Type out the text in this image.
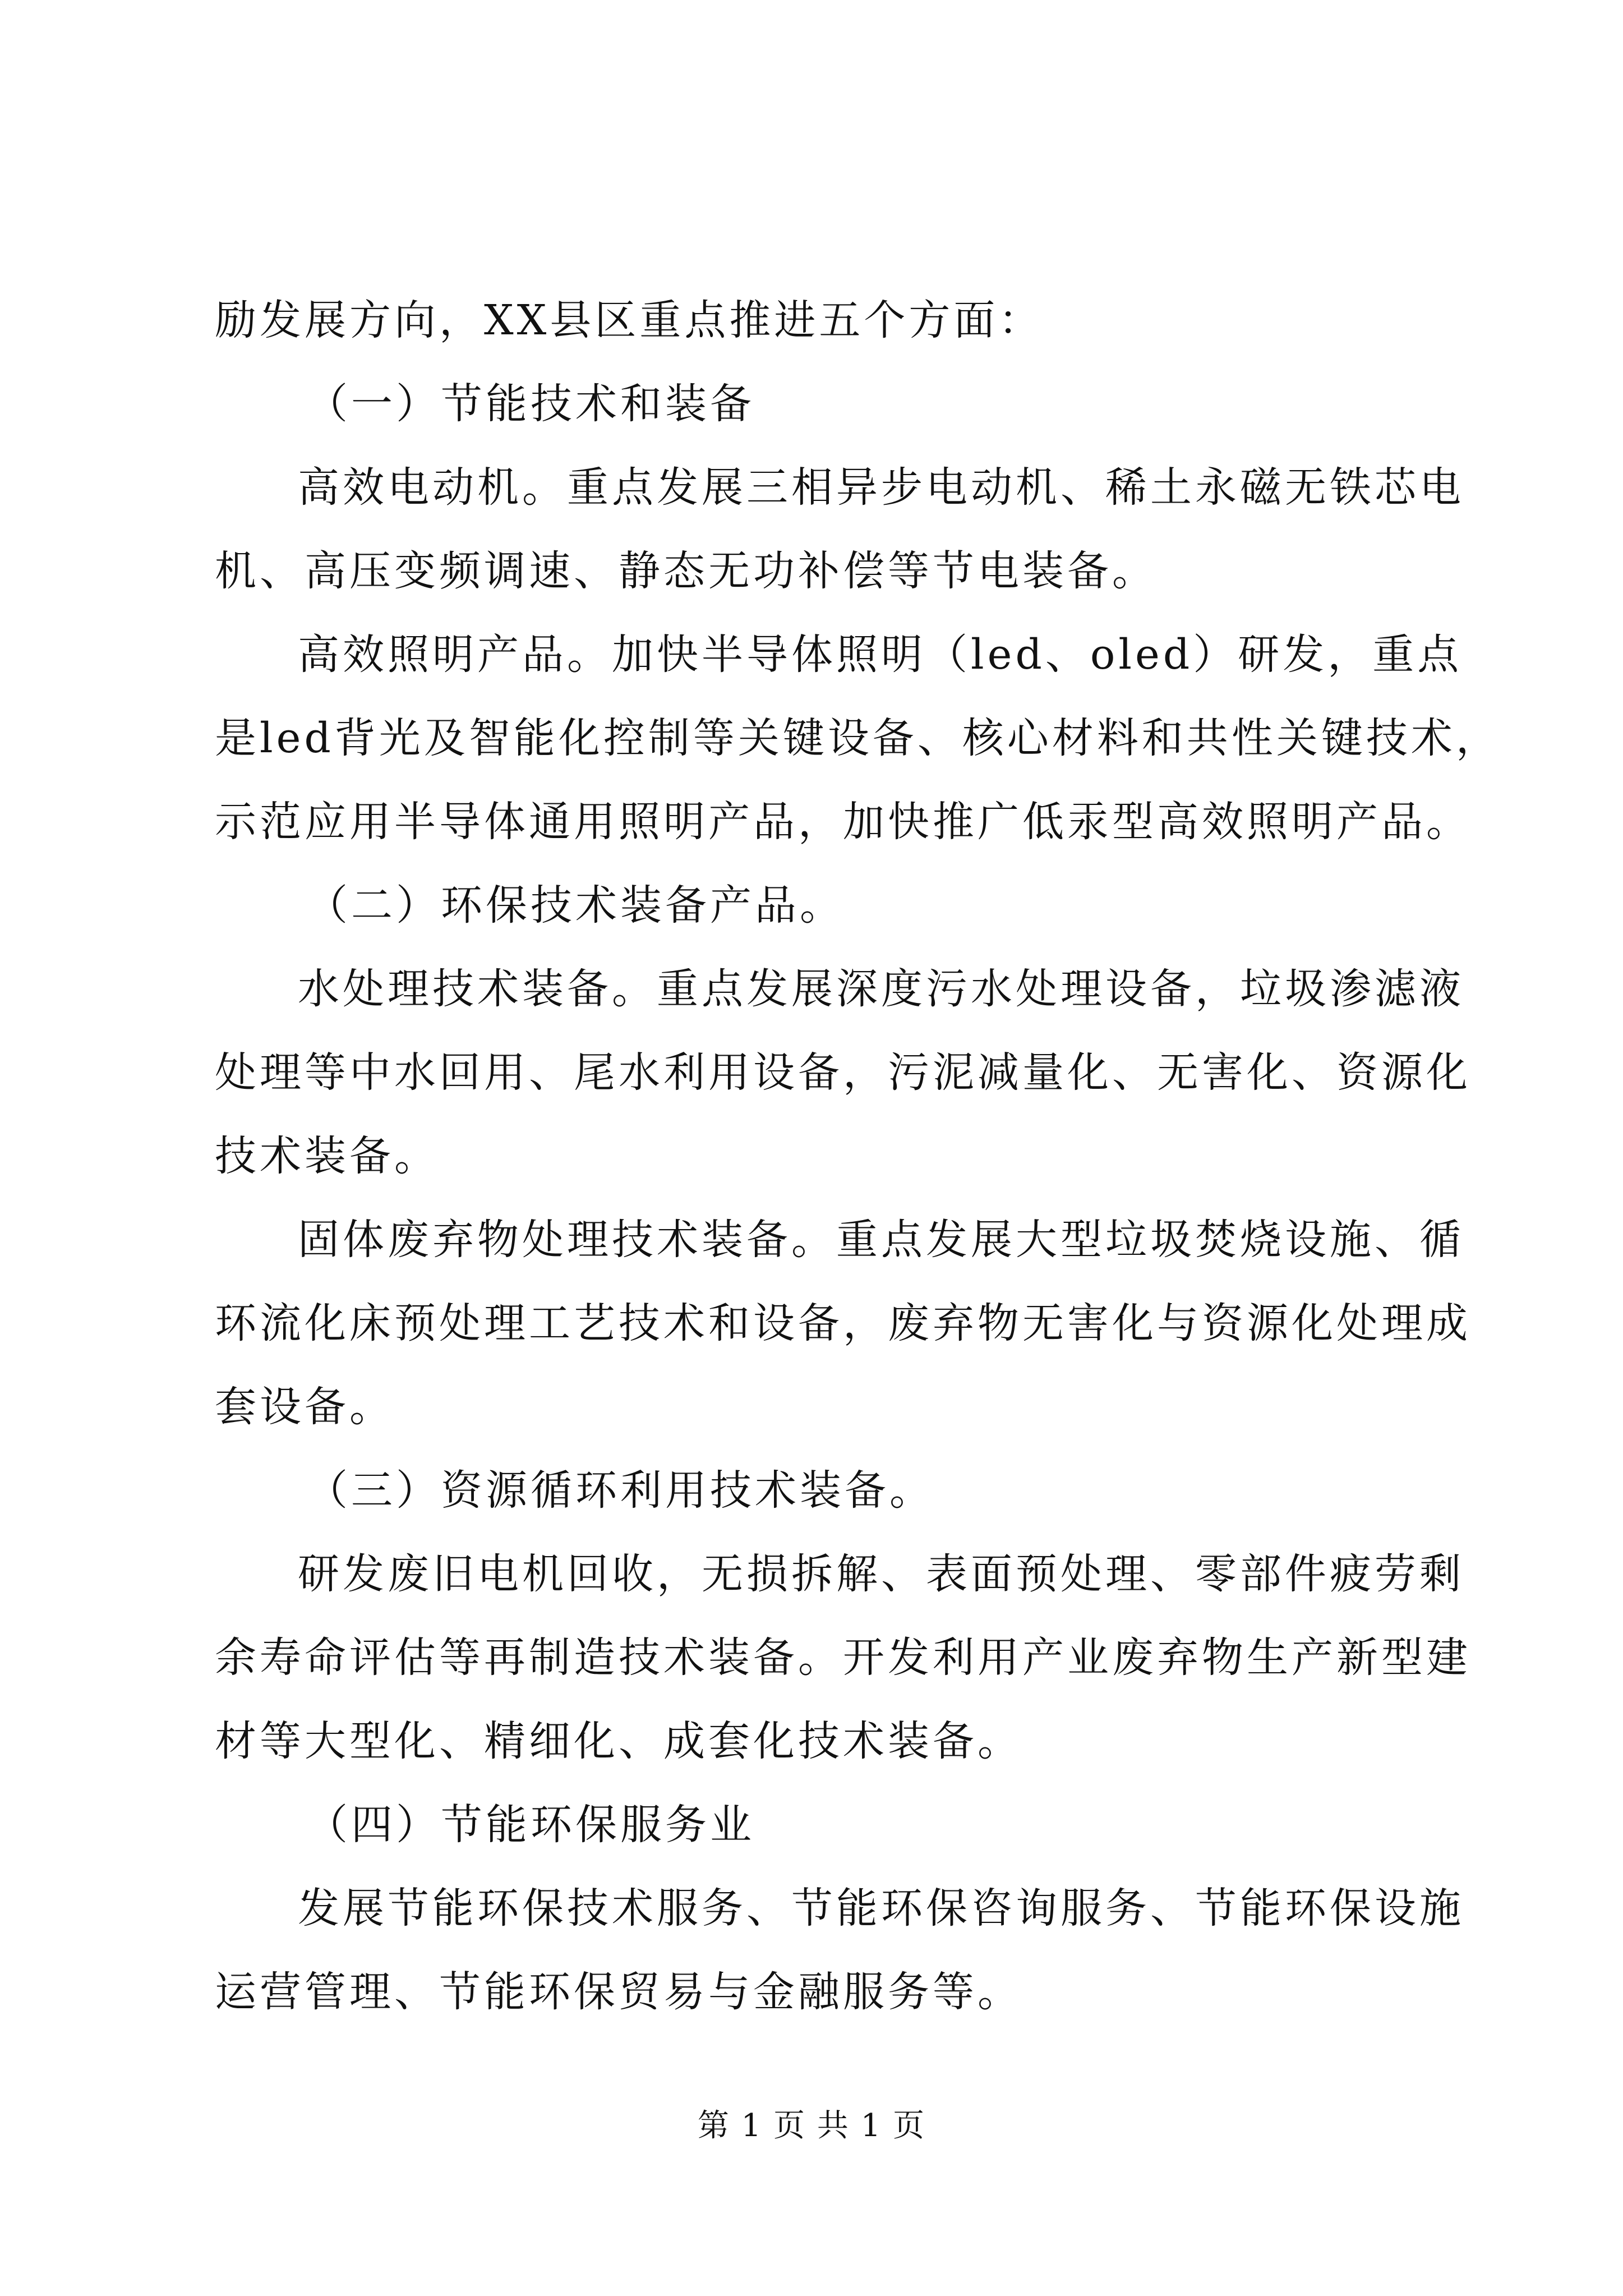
励发展方向，XX县区重点推进五个方面：
（一）节能技术和装备
高效电动机。重点发展三相异步电动机、稀土永磁无铁芯电
机、高压变频调速、静态无功补偿等节电装备。
高效照明产品。加快半导体照明（led、oled）研发，重点
是led背光及智能化控制等关键设备、核心材料和共性关键技术，
示范应用半导体通用照明产品，加快推广低汞型高效照明产品。
（二）环保技术装备产品。
水处理技术装备。重点发展深度污水处理设备，垃圾渗滤液
处理等中水回用、尾水利用设备，污泥减量化、无害化、资源化
技术装备。
固体废弃物处理技术装备。重点发展大型垃圾焚烧设施、循
环流化床预处理工艺技术和设备，废弃物无害化与资源化处理成
套设备。
（三）资源循环利用技术装备。
研发废旧电机回收，无损拆解、表面预处理、零部件疲劳剩
余寿命评估等再制造技术装备。开发利用产业废弃物生产新型建
材等大型化、精细化、成套化技术装备。
（四）节能环保服务业
发展节能环保技术服务、节能环保咨询服务、节能环保设施
运营管理、节能环保贸易与金融服务等。
第 1 页 共 1 页
